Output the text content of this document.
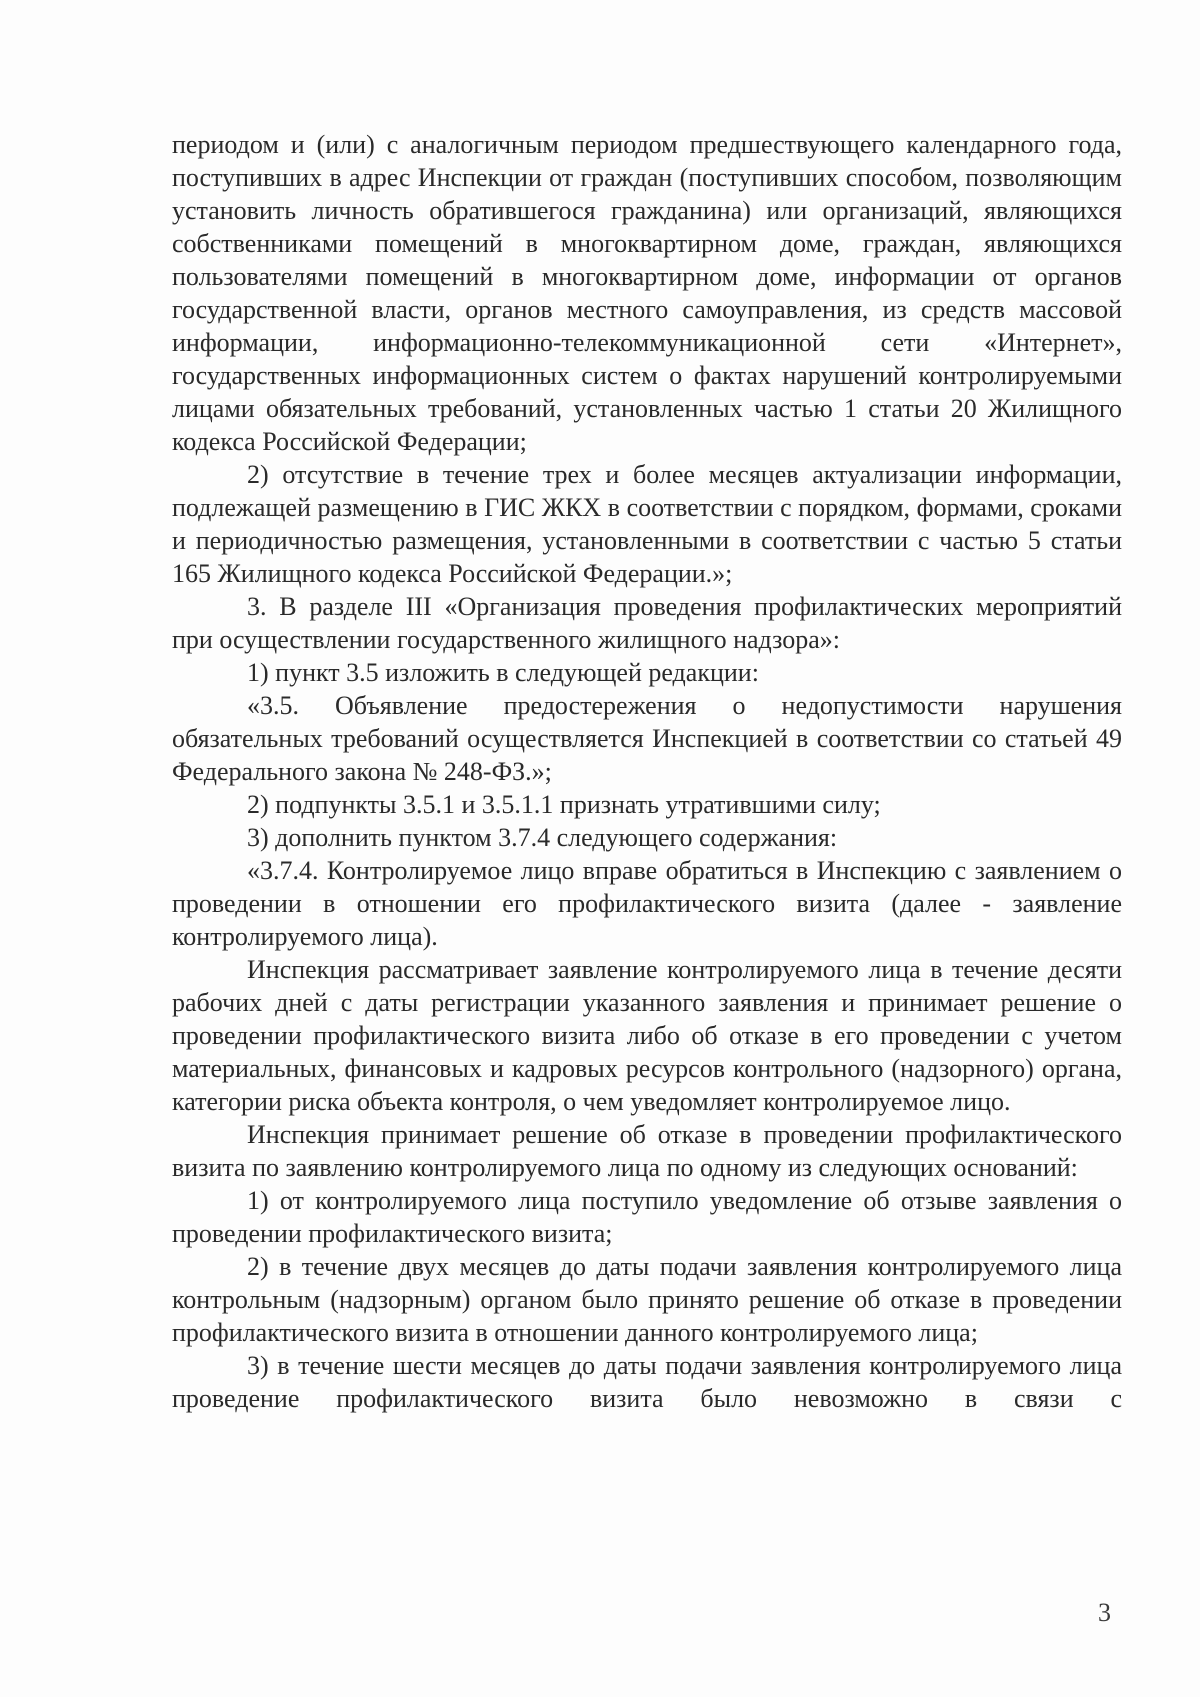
периодом и (или) с аналогичным периодом предшествующего календарного года, поступивших в адрес Инспекции от граждан (поступивших способом, позволяющим установить личность обратившегося гражданина) или организаций, являющихся собственниками помещений в многоквартирном доме, граждан, являющихся пользователями помещений в многоквартирном доме, информации от органов государственной власти, органов местного самоуправления, из средств массовой информации, информационно-телекоммуникационной сети «Интернет», государственных информационных систем о фактах нарушений контролируемыми лицами обязательных требований, установленных частью 1 статьи 20 Жилищного кодекса Российской Федерации;

2) отсутствие в течение трех и более месяцев актуализации информации, подлежащей размещению в ГИС ЖКХ в соответствии с порядком, формами, сроками и периодичностью размещения, установленными в соответствии с частью 5 статьи 165 Жилищного кодекса Российской Федерации.»;

3. В разделе III «Организация проведения профилактических мероприятий при осуществлении государственного жилищного надзора»:

1) пункт 3.5 изложить в следующей редакции:

«3.5. Объявление предостережения о недопустимости нарушения обязательных требований осуществляется Инспекцией в соответствии со статьей 49 Федерального закона № 248-ФЗ.»;

2) подпункты 3.5.1 и 3.5.1.1 признать утратившими силу;

3) дополнить пунктом 3.7.4 следующего содержания:

«3.7.4. Контролируемое лицо вправе обратиться в Инспекцию с заявлением о проведении в отношении его профилактического визита (далее - заявление контролируемого лица).

Инспекция рассматривает заявление контролируемого лица в течение десяти рабочих дней с даты регистрации указанного заявления и принимает решение о проведении профилактического визита либо об отказе в его проведении с учетом материальных, финансовых и кадровых ресурсов контрольного (надзорного) органа, категории риска объекта контроля, о чем уведомляет контролируемое лицо.

Инспекция принимает решение об отказе в проведении профилактического визита по заявлению контролируемого лица по одному из следующих оснований:

1) от контролируемого лица поступило уведомление об отзыве заявления о проведении профилактического визита;

2) в течение двух месяцев до даты подачи заявления контролируемого лица контрольным (надзорным) органом было принято решение об отказе в проведении профилактического визита в отношении данного контролируемого лица;

3) в течение шести месяцев до даты подачи заявления контролируемого лица проведение профилактического визита было невозможно в связи с

3
